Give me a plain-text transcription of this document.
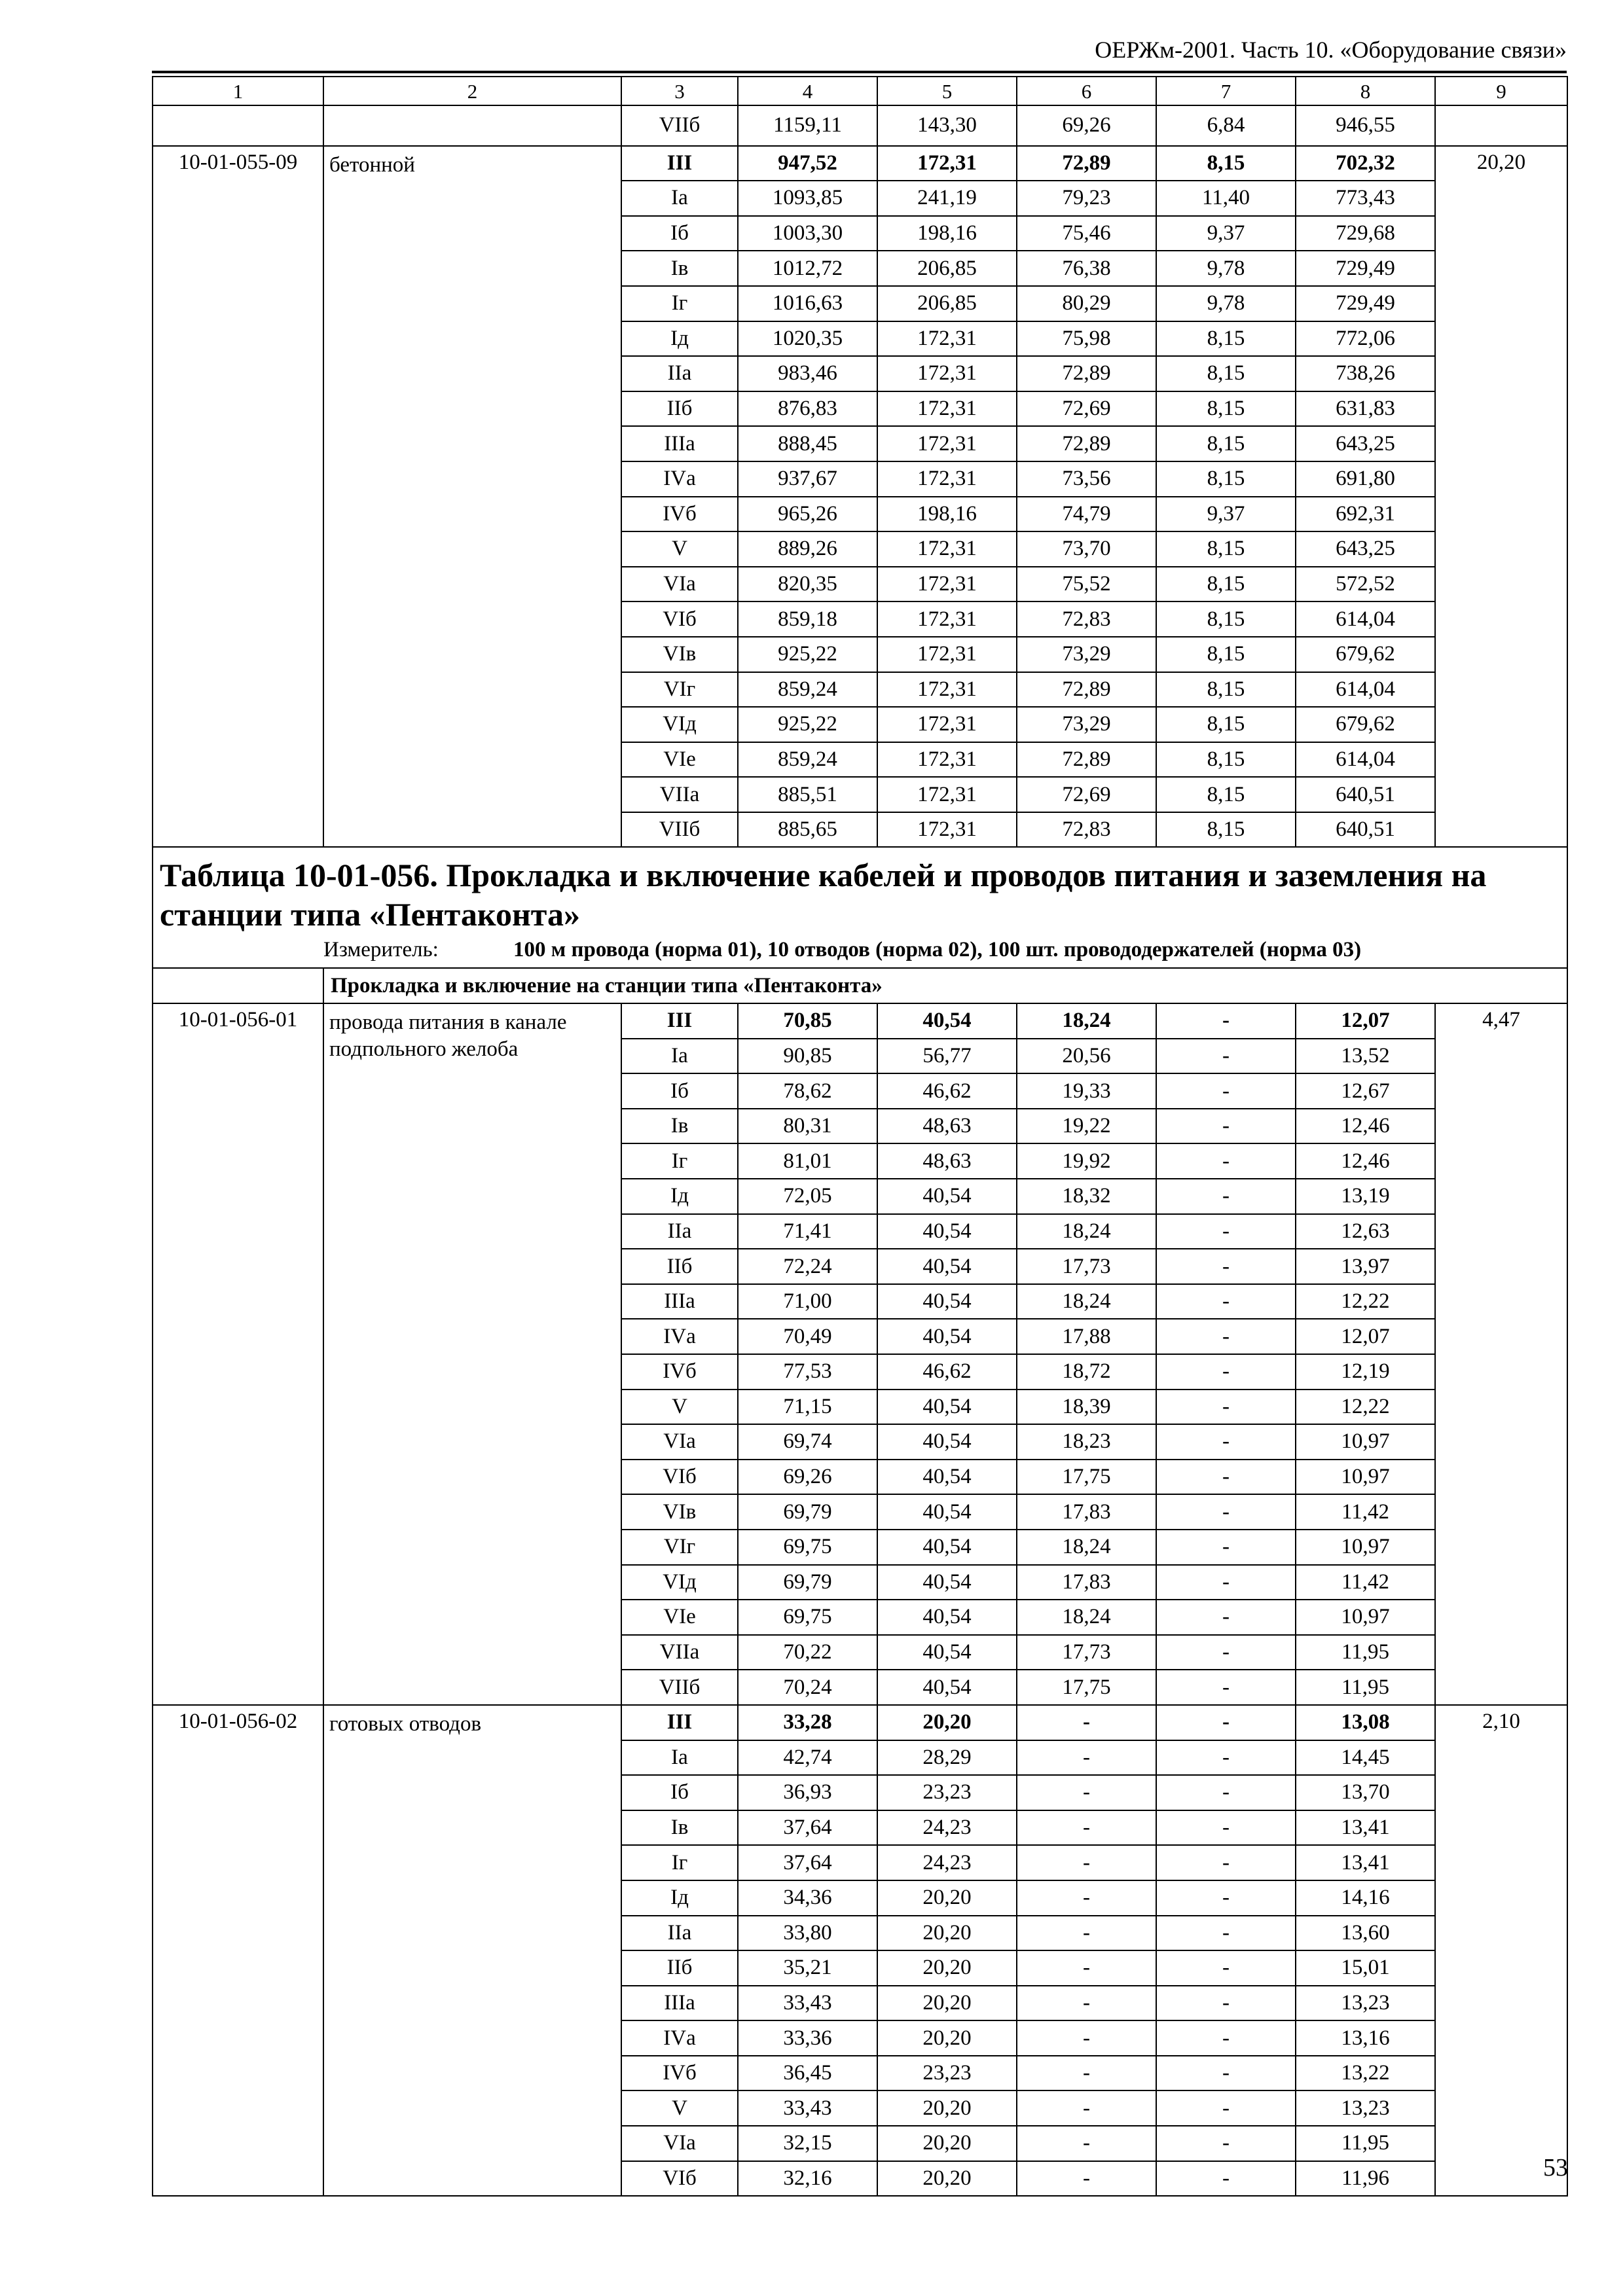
ОЕРЖм-2001. Часть 10. «Оборудование связи»
1	2	3	4	5	6	7	8	9
		VIIб	1159,11	143,30	69,26	6,84	946,55	
10-01-055-09	бетонной	III	947,52	172,31	72,89	8,15	702,32	20,20
		Iа	1093,85	241,19	79,23	11,40	773,43	
		Iб	1003,30	198,16	75,46	9,37	729,68	
		Iв	1012,72	206,85	76,38	9,78	729,49	
		Iг	1016,63	206,85	80,29	9,78	729,49	
		Iд	1020,35	172,31	75,98	8,15	772,06	
		IIа	983,46	172,31	72,89	8,15	738,26	
		IIб	876,83	172,31	72,69	8,15	631,83	
		IIIа	888,45	172,31	72,89	8,15	643,25	
		IVа	937,67	172,31	73,56	8,15	691,80	
		IVб	965,26	198,16	74,79	9,37	692,31	
		V	889,26	172,31	73,70	8,15	643,25	
		VIа	820,35	172,31	75,52	8,15	572,52	
		VIб	859,18	172,31	72,83	8,15	614,04	
		VIв	925,22	172,31	73,29	8,15	679,62	
		VIг	859,24	172,31	72,89	8,15	614,04	
		VIд	925,22	172,31	73,29	8,15	679,62	
		VIе	859,24	172,31	72,89	8,15	614,04	
		VIIа	885,51	172,31	72,69	8,15	640,51	
		VIIб	885,65	172,31	72,83	8,15	640,51	

Таблица 10-01-056. Прокладка и включение кабелей и проводов питания и заземления на станции типа «Пентаконта»
Измеритель: 100 м провода (норма 01), 10 отводов (норма 02), 100 шт. провододержателей (норма 03)								

	Прокладка и включение на станции типа «Пентаконта»							
10-01-056-01	провода питания в канале подпольного желоба	III	70,85	40,54	18,24	-	12,07	4,47
		Iа	90,85	56,77	20,56	-	13,52	
		Iб	78,62	46,62	19,33	-	12,67	
		Iв	80,31	48,63	19,22	-	12,46	
		Iг	81,01	48,63	19,92	-	12,46	
		Iд	72,05	40,54	18,32	-	13,19	
		IIа	71,41	40,54	18,24	-	12,63	
		IIб	72,24	40,54	17,73	-	13,97	
		IIIа	71,00	40,54	18,24	-	12,22	
		IVа	70,49	40,54	17,88	-	12,07	
		IVб	77,53	46,62	18,72	-	12,19	
		V	71,15	40,54	18,39	-	12,22	
		VIа	69,74	40,54	18,23	-	10,97	
		VIб	69,26	40,54	17,75	-	10,97	
		VIв	69,79	40,54	17,83	-	11,42	
		VIг	69,75	40,54	18,24	-	10,97	
		VIд	69,79	40,54	17,83	-	11,42	
		VIе	69,75	40,54	18,24	-	10,97	
		VIIа	70,22	40,54	17,73	-	11,95	
		VIIб	70,24	40,54	17,75	-	11,95	
10-01-056-02	готовых отводов	III	33,28	20,20	-	-	13,08	2,10
		Iа	42,74	28,29	-	-	14,45	
		Iб	36,93	23,23	-	-	13,70	
		Iв	37,64	24,23	-	-	13,41	
		Iг	37,64	24,23	-	-	13,41	
		Iд	34,36	20,20	-	-	14,16	
		IIа	33,80	20,20	-	-	13,60	
		IIб	35,21	20,20	-	-	15,01	
		IIIа	33,43	20,20	-	-	13,23	
		IVа	33,36	20,20	-	-	13,16	
		IVб	36,45	23,23	-	-	13,22	
		V	33,43	20,20	-	-	13,23	
		VIа	32,15	20,20	-	-	11,95	
		VIб	32,16	20,20	-	-	11,96		53
